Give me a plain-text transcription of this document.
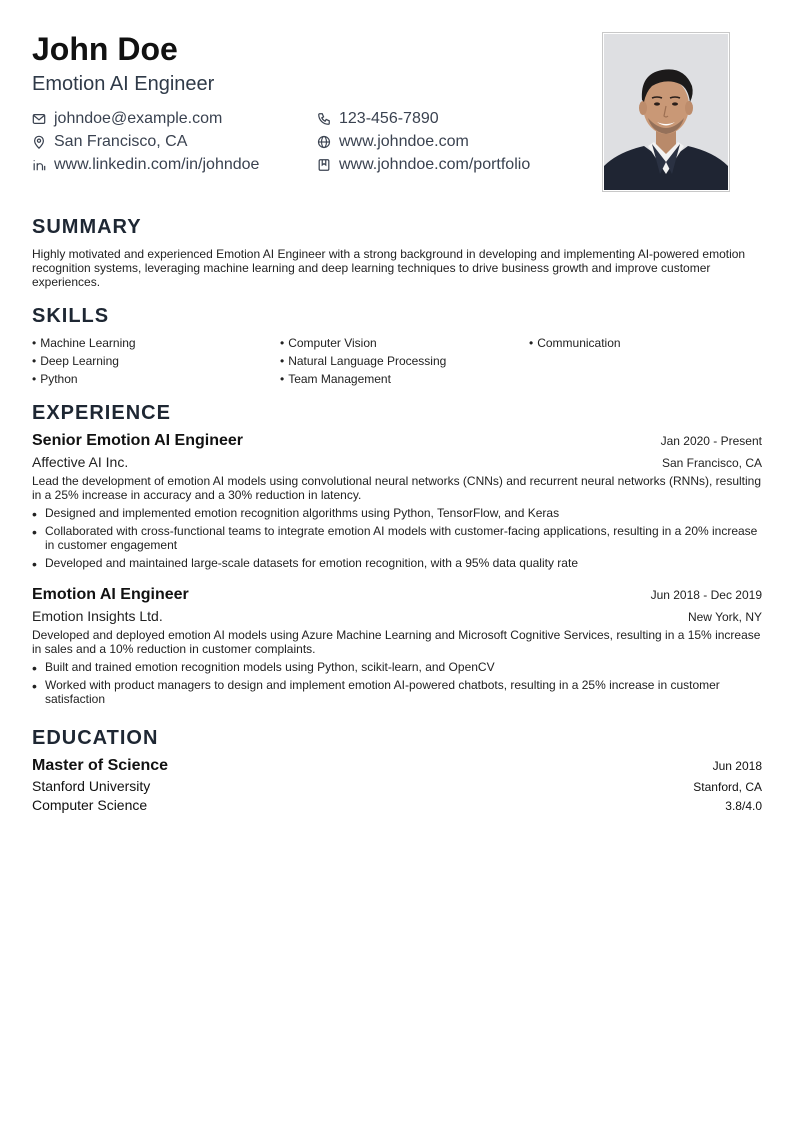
John Doe
Emotion AI Engineer
johndoe@example.com	123-456-7890
San Francisco, CA	www.johndoe.com
www.linkedin.com/in/johndoe	www.johndoe.com/portfolio
SUMMARY
Highly motivated and experienced Emotion AI Engineer with a strong background in developing and implementing AI-powered emotion recognition systems, leveraging machine learning and deep learning techniques to drive business growth and improve customer experiences.
SKILLS
• Machine Learning	• Computer Vision	• Communication
• Deep Learning	• Natural Language Processing
• Python	• Team Management
EXPERIENCE
Senior Emotion AI Engineer	Jan 2020 - Present
Affective AI Inc.	San Francisco, CA
Lead the development of emotion AI models using convolutional neural networks (CNNs) and recurrent neural networks (RNNs), resulting in a 25% increase in accuracy and a 30% reduction in latency.
• Designed and implemented emotion recognition algorithms using Python, TensorFlow, and Keras
• Collaborated with cross-functional teams to integrate emotion AI models with customer-facing applications, resulting in a 20% increase in customer engagement
• Developed and maintained large-scale datasets for emotion recognition, with a 95% data quality rate
Emotion AI Engineer	Jun 2018 - Dec 2019
Emotion Insights Ltd.	New York, NY
Developed and deployed emotion AI models using Azure Machine Learning and Microsoft Cognitive Services, resulting in a 15% increase in sales and a 10% reduction in customer complaints.
• Built and trained emotion recognition models using Python, scikit-learn, and OpenCV
• Worked with product managers to design and implement emotion AI-powered chatbots, resulting in a 25% increase in customer satisfaction
EDUCATION
Master of Science	Jun 2018
Stanford University	Stanford, CA
Computer Science	3.8/4.0
